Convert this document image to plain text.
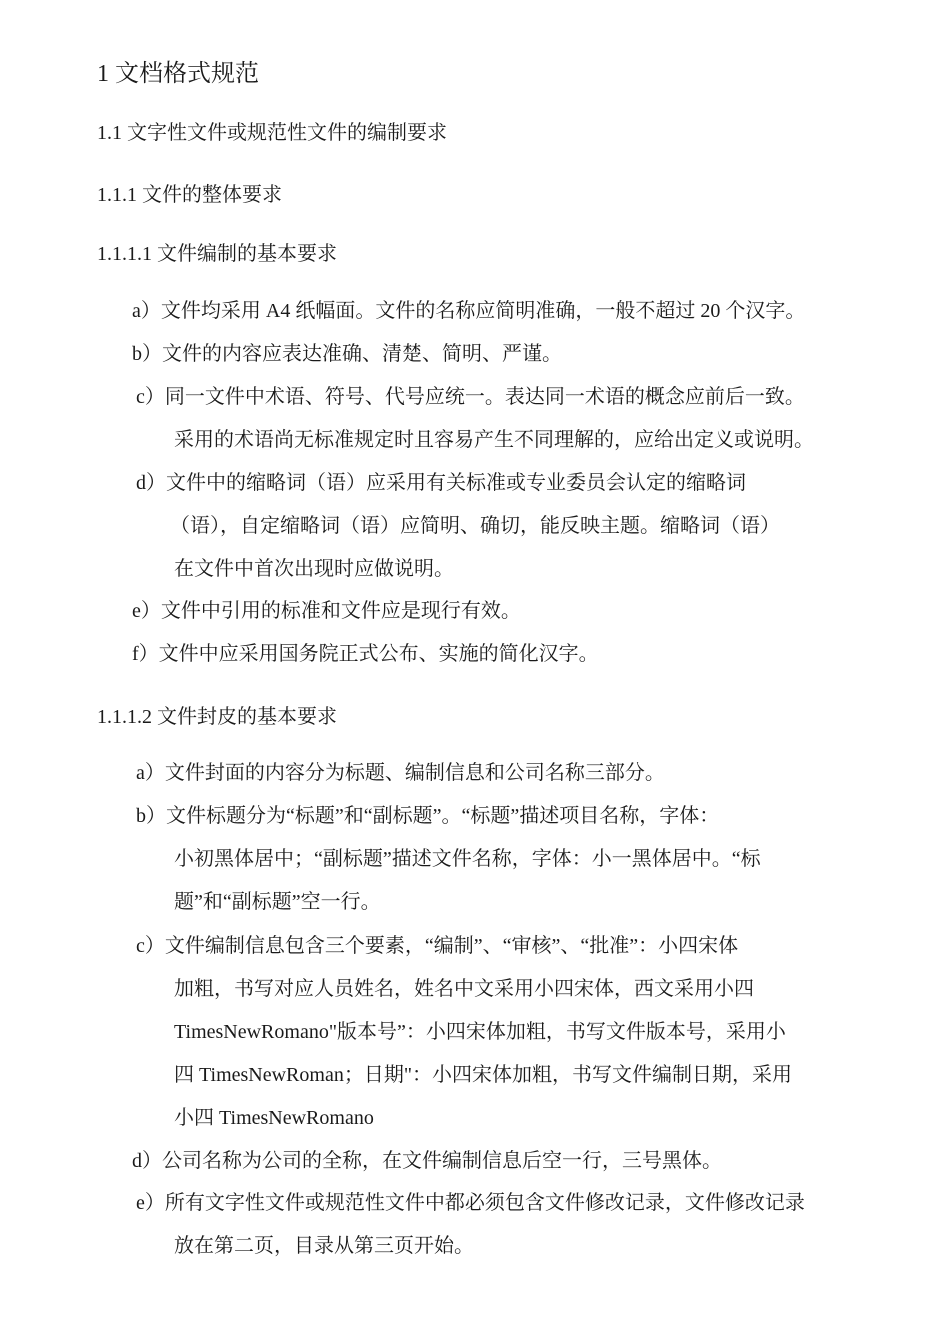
1 文档格式规范
1.1 文字性文件或规范性文件的编制要求
1.1.1 文件的整体要求
1.1.1.1 文件编制的基本要求
a）文件均采用 A4 纸幅面。文件的名称应简明准确，一般不超过 20 个汉字。
b）文件的内容应表达准确、清楚、简明、严谨。
c）同一文件中术语、符号、代号应统一。表达同一术语的概念应前后一致。
采用的术语尚无标准规定时且容易产生不同理解的，应给出定义或说明。
d）文件中的缩略词（语）应采用有关标准或专业委员会认定的缩略词
（语），自定缩略词（语）应简明、确切，能反映主题。缩略词（语）
在文件中首次出现时应做说明。
e）文件中引用的标准和文件应是现行有效。
f）文件中应采用国务院正式公布、实施的简化汉字。
1.1.1.2 文件封皮的基本要求
a）文件封面的内容分为标题、编制信息和公司名称三部分。
b）文件标题分为“标题”和“副标题”。“标题”描述项目名称，字体：
小初黑体居中；“副标题”描述文件名称，字体：小一黑体居中。“标
题”和“副标题”空一行。
c）文件编制信息包含三个要素，“编制”、“审核”、“批准”：小四宋体
加粗，书写对应人员姓名，姓名中文采用小四宋体，西文采用小四
TimesNewRomano"版本号”：小四宋体加粗，书写文件版本号，采用小
四 TimesNewRoman；日期"：小四宋体加粗，书写文件编制日期，采用
小四 TimesNewRomano
d）公司名称为公司的全称，在文件编制信息后空一行，三号黑体。
e）所有文字性文件或规范性文件中都必须包含文件修改记录，文件修改记录
放在第二页，目录从第三页开始。
